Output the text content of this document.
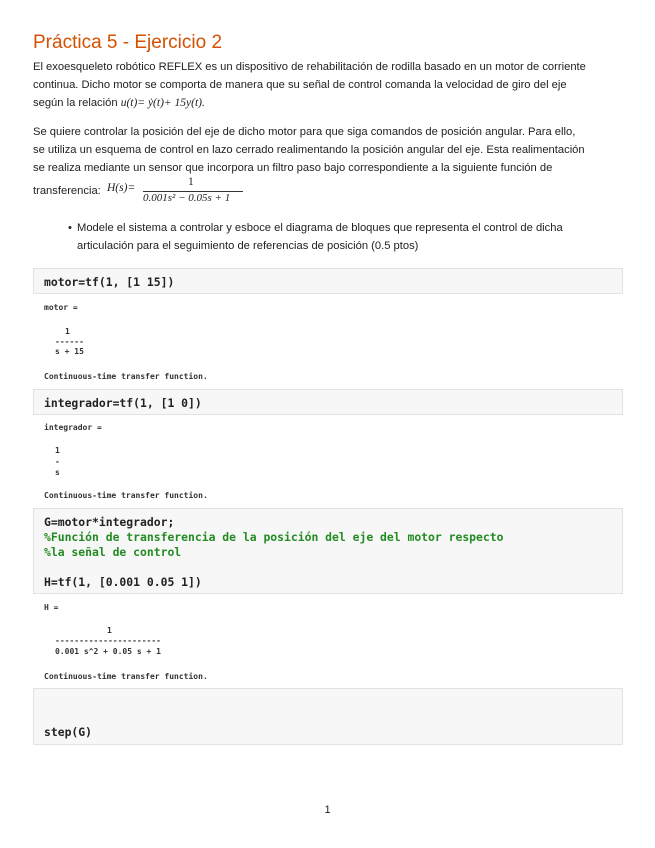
Práctica 5 - Ejercicio 2
El exoesqueleto robótico REFLEX es un dispositivo de rehabilitación de rodilla basado en un motor de corriente
continua. Dicho motor se comporta de manera que su señal de control comanda la velocidad de giro del eje
según la relación u(t)= ẏ(t)+ 15y(t).
Se quiere controlar la posición del eje de dicho motor para que siga comandos de posición angular. Para ello,
se utiliza un esquema de control en lazo cerrado realimentando la posición angular del eje. Esta realimentación
se realiza mediante un sensor que incorpora un filtro paso bajo correspondiente a la siguiente función de
transferencia: H(s)=	1
0.001s² − 0.05s + 1
• Modele el sistema a controlar y esboce el diagrama de bloques que representa el control de dicha
articulación para el seguimiento de referencias de posición (0.5 ptos)
motor=tf(1, [1 15])
motor =
1
------
s + 15
Continuous-time transfer function.
integrador=tf(1, [1 0])
integrador =
1
-
s
Continuous-time transfer function.
G=motor*integrador;
%Función de transferencia de la posición del eje del motor respecto
%la señal de control
H=tf(1, [0.001 0.05 1])
H =
1
----------------------
0.001 s^2 + 0.05 s + 1
Continuous-time transfer function.
step(G)
1
